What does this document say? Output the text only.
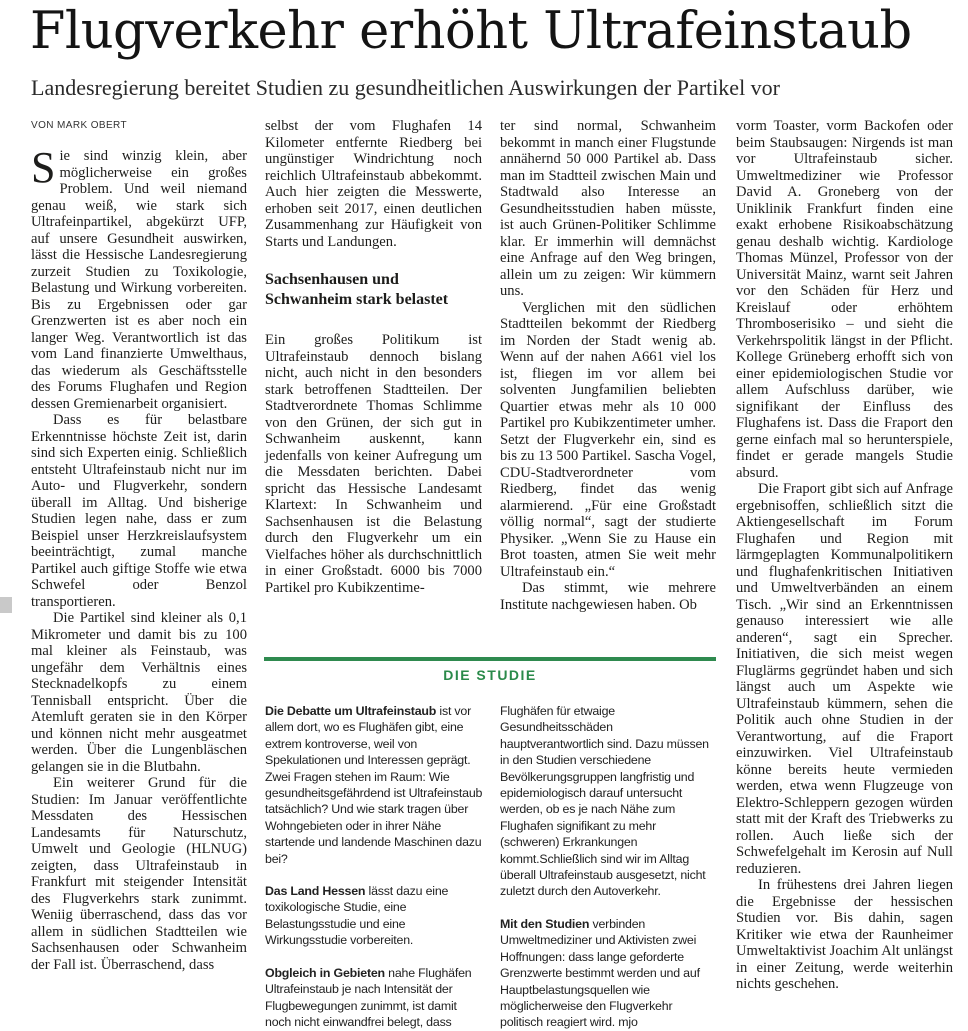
Flugverkehr erhöht Ultrafeinstaub
Landesregierung bereitet Studien zu gesundheitlichen Auswirkungen der Partikel vor
VON MARK OBERT

Sie sind winzig klein, aber möglicherweise ein großes Problem. Und weil niemand genau weiß, wie stark sich Ultrafeinpartikel, abgekürzt UFP, auf unsere Gesundheit auswirken, lässt die Hessische Landesregierung zurzeit Studien zu Toxikologie, Belastung und Wirkung vorbereiten. Bis zu Ergebnissen oder gar Grenzwerten ist es aber noch ein langer Weg. Verantwortlich ist das vom Land finanzierte Umwelthaus, das wiederum als Geschäftsstelle des Forums Flughafen und Region dessen Gremienarbeit organisiert.

Dass es für belastbare Erkenntnisse höchste Zeit ist, darin sind sich Experten einig. Schließlich entsteht Ultrafeinstaub nicht nur im Auto- und Flugverkehr, sondern überall im Alltag. Und bisherige Studien legen nahe, dass er zum Beispiel unser Herzkreislaufsystem beeinträchtigt, zumal manche Partikel auch giftige Stoffe wie etwa Schwefel oder Benzol transportieren.

Die Partikel sind kleiner als 0,1 Mikrometer und damit bis zu 100 mal kleiner als Feinstaub, was ungefähr dem Verhältnis eines Stecknadelkopfs zu einem Tennisball entspricht. Über die Atemluft geraten sie in den Körper und können nicht mehr ausgeatmet werden. Über die Lungenbläschen gelangen sie in die Blutbahn.

Ein weiterer Grund für die Studien: Im Januar veröffentlichte Messdaten des Hessischen Landesamts für Naturschutz, Umwelt und Geologie (HLNUG) zeigten, dass Ultrafeinstaub in Frankfurt mit steigender Intensität des Flugverkehrs stark zunimmt. Weniig überraschend, dass das vor allem in südlichen Stadtteilen wie Sachsenhausen oder Schwanheim der Fall ist. Überraschend, dass

selbst der vom Flughafen 14 Kilometer entfernte Riedberg bei ungünstiger Windrichtung noch reichlich Ultrafeinstaub abbekommt. Auch hier zeigten die Messwerte, erhoben seit 2017, einen deutlichen Zusammenhang zur Häufigkeit von Starts und Landungen.

Sachsenhausen und Schwanheim stark belastet

Ein großes Politikum ist Ultrafeinstaub dennoch bislang nicht, auch nicht in den besonders stark betroffenen Stadtteilen. Der Stadtverordnete Thomas Schlimme von den Grünen, der sich gut in Schwanheim auskennt, kann jedenfalls von keiner Aufregung um die Messdaten berichten. Dabei spricht das Hessische Landesamt Klartext: In Schwanheim und Sachsenhausen ist die Belastung durch den Flugverkehr um ein Vielfaches höher als durchschnittlich in einer Großstadt. 6000 bis 7000 Partikel pro Kubikzentime-

ter sind normal, Schwanheim bekommt in manch einer Flugstunde annähernd 50 000 Partikel ab. Dass man im Stadtteil zwischen Main und Stadtwald also Interesse an Gesundheitsstudien haben müsste, ist auch Grünen-Politiker Schlimme klar. Er immerhin will demnächst eine Anfrage auf den Weg bringen, allein um zu zeigen: Wir kümmern uns.

Verglichen mit den südlichen Stadtteilen bekommt der Riedberg im Norden der Stadt wenig ab. Wenn auf der nahen A661 viel los ist, fliegen im vor allem bei solventen Jungfamilien beliebten Quartier etwas mehr als 10 000 Partikel pro Kubikzentimeter umher. Setzt der Flugverkehr ein, sind es bis zu 13 500 Partikel. Sascha Vogel, CDU-Stadtverordneter vom Riedberg, findet das wenig alarmierend. „Für eine Großstadt völlig normal“, sagt der studierte Physiker. „Wenn Sie zu Hause ein Brot toasten, atmen Sie weit mehr Ultrafeinstaub ein.“

Das stimmt, wie mehrere Institute nachgewiesen haben. Ob

vorm Toaster, vorm Backofen oder beim Staubsaugen: Nirgends ist man vor Ultrafeinstaub sicher. Umweltmediziner wie Professor David A. Groneberg von der Uniklinik Frankfurt finden eine exakt erhobene Risikoabschätzung genau deshalb wichtig. Kardiologe Thomas Münzel, Professor von der Universität Mainz, warnt seit Jahren vor den Schäden für Herz und Kreislauf oder erhöhtem Thromboserisiko – und sieht die Verkehrspolitik längst in der Pflicht. Kollege Grüneberg erhofft sich von einer epidemiologischen Studie vor allem Aufschluss darüber, wie signifikant der Einfluss des Flughafens ist. Dass die Fraport den gerne einfach mal so herunterspiele, findet er gerade mangels Studie absurd.

Die Fraport gibt sich auf Anfrage ergebnisoffen, schließlich sitzt die Aktiengesellschaft im Forum Flughafen und Region mit lärmgeplagten Kommunalpolitikern und flughafenkritischen Initiativen und Umweltverbänden an einem Tisch. „Wir sind an Erkenntnissen genauso interessiert wie alle anderen“, sagt ein Sprecher. Initiativen, die sich meist wegen Fluglärms gegründet haben und sich längst auch um Aspekte wie Ultrafeinstaub kümmern, sehen die Politik auch ohne Studien in der Verantwortung, auf die Fraport einzuwirken. Viel Ultrafeinstaub könne bereits heute vermieden werden, etwa wenn Flugzeuge von Elektro-Schleppern gezogen würden statt mit der Kraft des Triebwerks zu rollen. Auch ließe sich der Schwefelgehalt im Kerosin auf Null reduzieren.

In frühestens drei Jahren liegen die Ergebnisse der hessischen Studien vor. Bis dahin, sagen Kritiker wie etwa der Raunheimer Umweltaktivist Joachim Alt unlängst in einer Zeitung, werde weiterhin nichts geschehen.

DIE STUDIE

Die Debatte um Ultrafeinstaub ist vor allem dort, wo es Flughäfen gibt, eine extrem kontroverse, weil von Spekulationen und Interessen geprägt. Zwei Fragen stehen im Raum: Wie gesundheitsgefährdend ist Ultrafeinstaub tatsächlich? Und wie stark tragen über Wohngebieten oder in ihrer Nähe startende und landende Maschinen dazu bei?

Das Land Hessen lässt dazu eine toxikologische Studie, eine Belastungsstudie und eine Wirkungsstudie vorbereiten.

Obgleich in Gebieten nahe Flughäfen Ultrafeinstaub je nach Intensität der Flugbewegungen zunimmt, ist damit noch nicht einwandfrei belegt, dass

Flughäfen für etwaige Gesundheitsschäden hauptverantwortlich sind. Dazu müssen in den Studien verschiedene Bevölkerungsgruppen langfristig und epidemiologisch darauf untersucht werden, ob es je nach Nähe zum Flughafen signifikant zu mehr (schweren) Erkrankungen kommt.Schließlich sind wir im Alltag überall Ultrafeinstaub ausgesetzt, nicht zuletzt durch den Autoverkehr.

Mit den Studien verbinden Umweltmediziner und Aktivisten zwei Hoffnungen: dass lange geforderte Grenzwerte bestimmt werden und auf Hauptbelastungsquellen wie möglicherweise den Flugverkehr politisch reagiert wird. mjo
